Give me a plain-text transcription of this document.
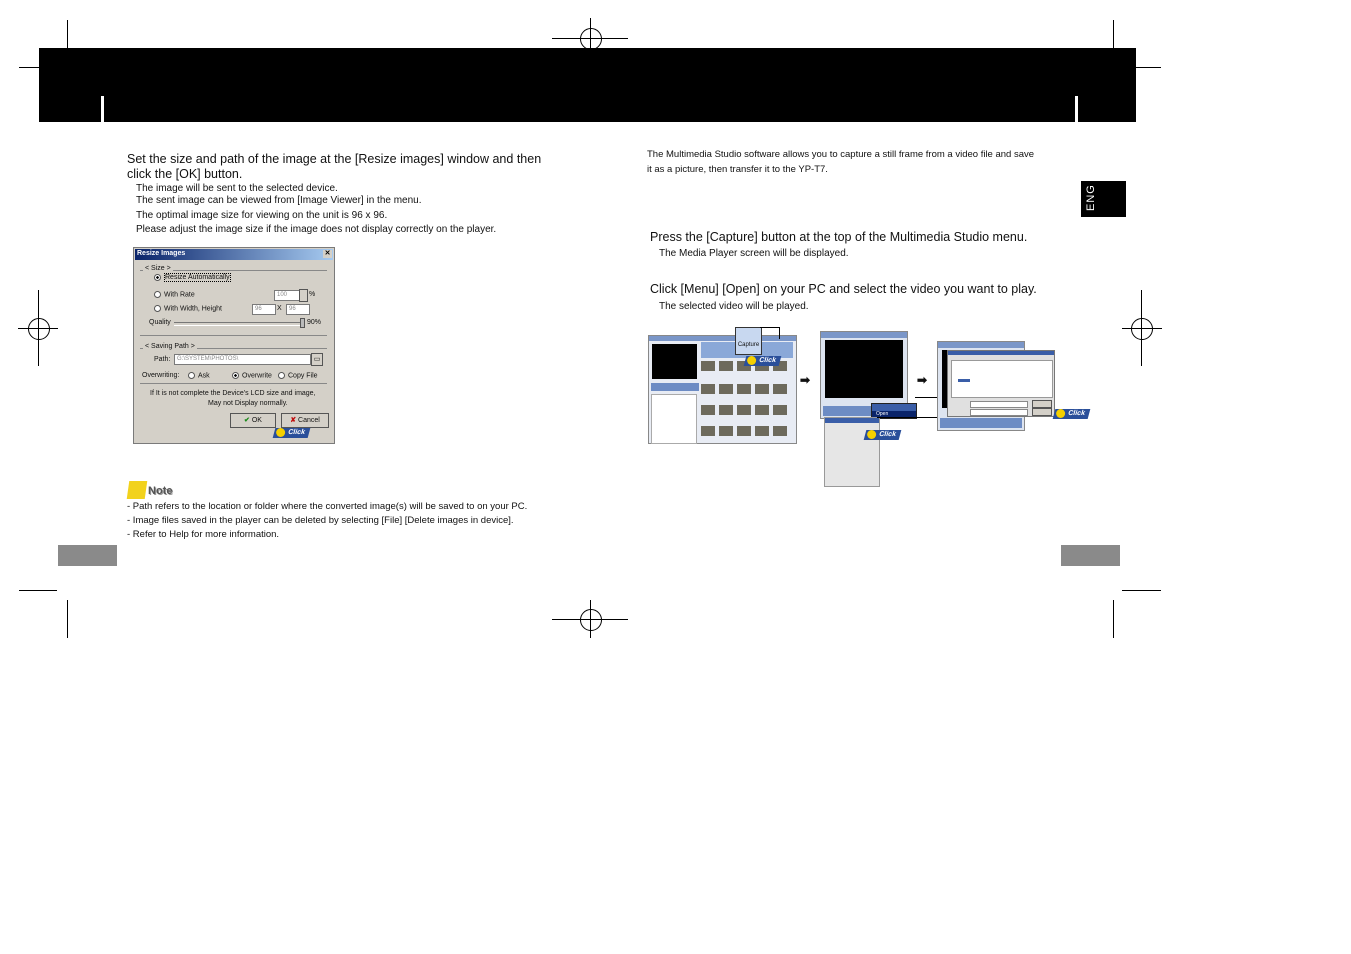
Set the size and path of the image at the [Resize images] window and then click the [OK] button.
The image will be sent to the selected device.
The sent image can be viewed from [Image Viewer] in the menu.
The optimal image size for viewing on the unit is 96 x 96.
Please adjust the image size if the image does not display correctly on the player.
Resize Images	✕
< Size >
Resize Automatically
With Rate	100	%
With Width, Height	96	X	96
Quality	90%
< Saving Path >
Path:	G:\SYSTEM\PHOTOS\	▭
Overwriting:	Ask	Overwrite	Copy File
If It is not complete the Device's LCD size and image,
May not Display normally.
✔ OK	✘ Cancel
Click
Note
- Path refers to the location or folder where the converted image(s) will be saved to on your PC.
- Image files saved in the player can be deleted by selecting [File] [Delete images in device].
- Refer to Help for more information.
The Multimedia Studio software allows you to capture a still frame from a video file and save
it as a picture, then transfer it to the YP-T7.
ENG
Press the [Capture] button at the top of the Multimedia Studio menu.
The Media Player screen will be displayed.
Click [Menu] [Open] on your PC and select the video you want to play.
The selected video will be played.
Capture
Click
➡

Open
Click
➡
Click
